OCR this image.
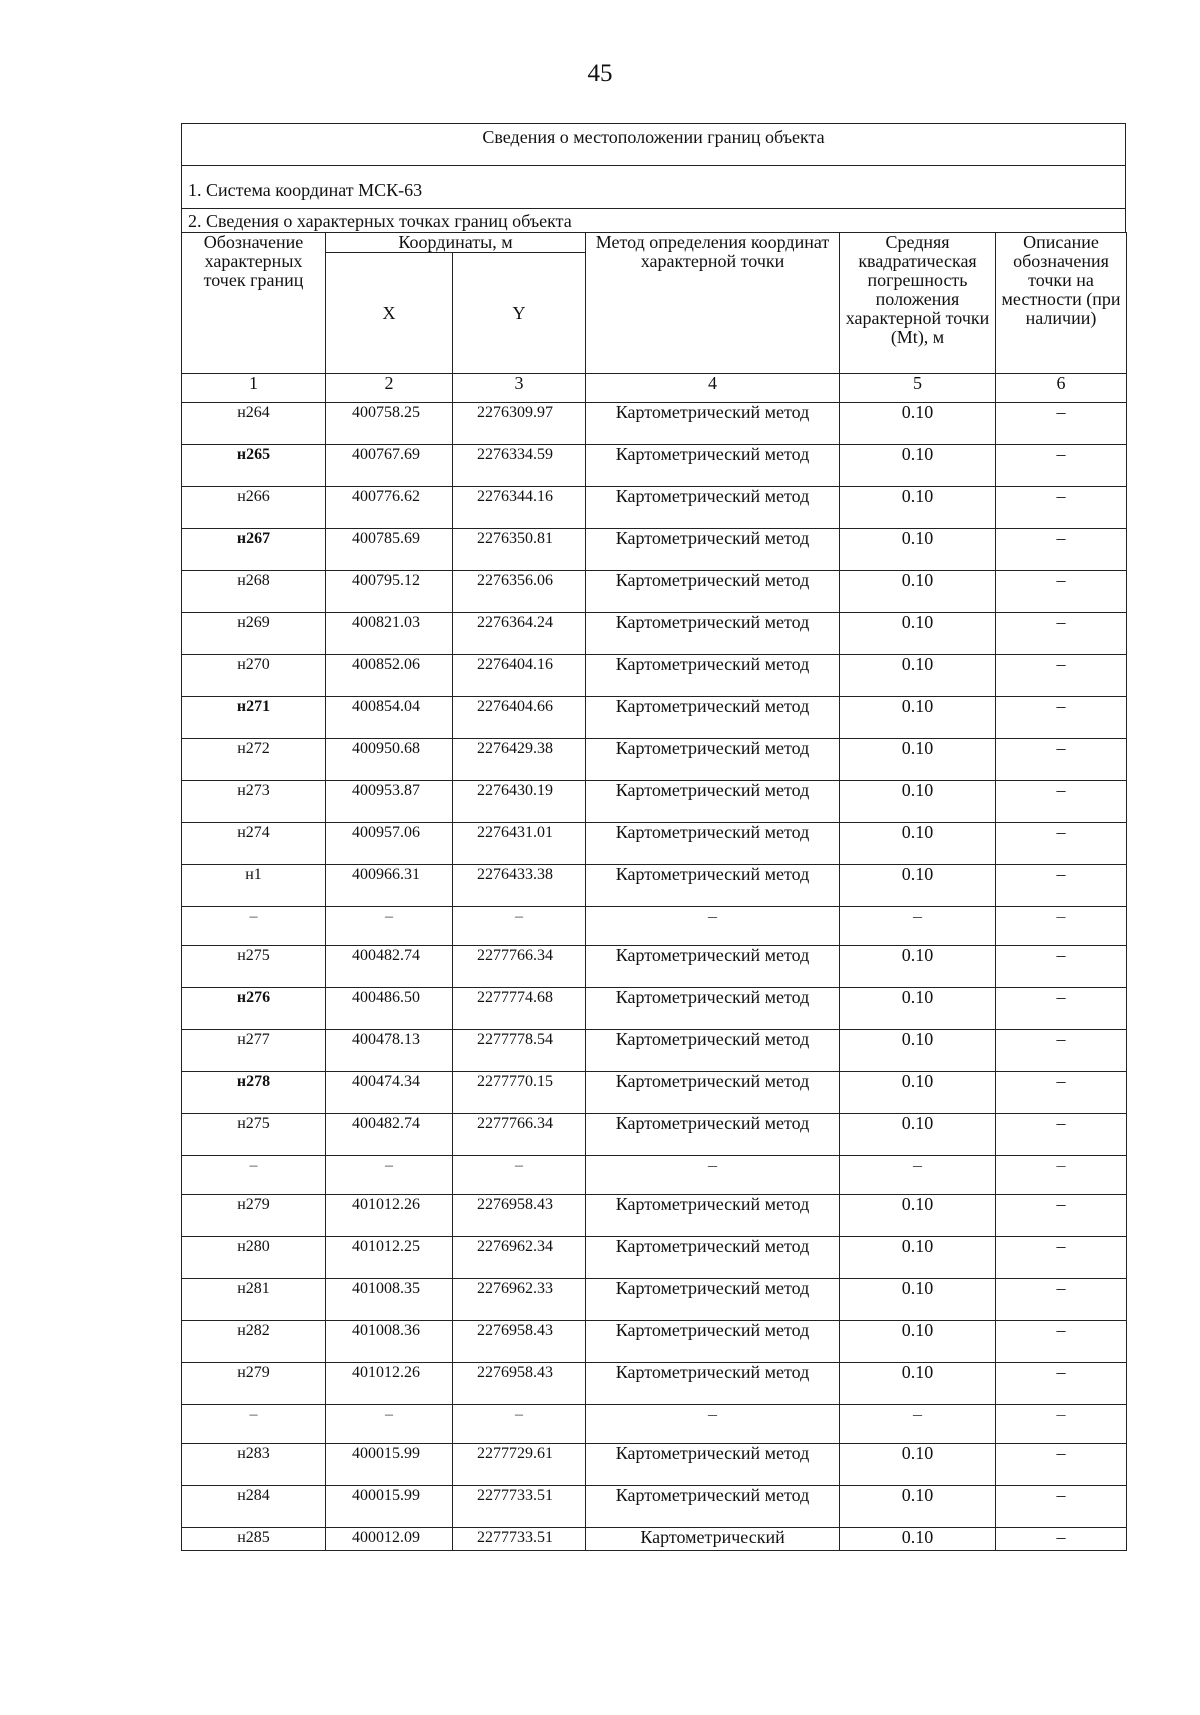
45
Сведения о местоположении границ объекта
1. Система координат МСК-63
2. Сведения о характерных точках границ объекта
Обозначение характерных точек границ	Координаты, м		Метод определения координат характерной точки	Средняя квадратическая погрешность положения характерной точки (Mt), м	Описание обозначения точки на местности (при наличии)
	X	Y			
1	2	3	4	5	6
н264	400758.25	2276309.97	Картометрический метод	0.10	–
н265	400767.69	2276334.59	Картометрический метод	0.10	–
н266	400776.62	2276344.16	Картометрический метод	0.10	–
н267	400785.69	2276350.81	Картометрический метод	0.10	–
н268	400795.12	2276356.06	Картометрический метод	0.10	–
н269	400821.03	2276364.24	Картометрический метод	0.10	–
н270	400852.06	2276404.16	Картометрический метод	0.10	–
н271	400854.04	2276404.66	Картометрический метод	0.10	–
н272	400950.68	2276429.38	Картометрический метод	0.10	–
н273	400953.87	2276430.19	Картометрический метод	0.10	–
н274	400957.06	2276431.01	Картометрический метод	0.10	–
н1	400966.31	2276433.38	Картометрический метод	0.10	–
–	–	–	–	–	–
н275	400482.74	2277766.34	Картометрический метод	0.10	–
н276	400486.50	2277774.68	Картометрический метод	0.10	–
н277	400478.13	2277778.54	Картометрический метод	0.10	–
н278	400474.34	2277770.15	Картометрический метод	0.10	–
н275	400482.74	2277766.34	Картометрический метод	0.10	–
–	–	–	–	–	–
н279	401012.26	2276958.43	Картометрический метод	0.10	–
н280	401012.25	2276962.34	Картометрический метод	0.10	–
н281	401008.35	2276962.33	Картометрический метод	0.10	–
н282	401008.36	2276958.43	Картометрический метод	0.10	–
н279	401012.26	2276958.43	Картометрический метод	0.10	–
–	–	–	–	–	–
н283	400015.99	2277729.61	Картометрический метод	0.10	–
н284	400015.99	2277733.51	Картометрический метод	0.10	–
н285	400012.09	2277733.51	Картометрический	0.10	–
